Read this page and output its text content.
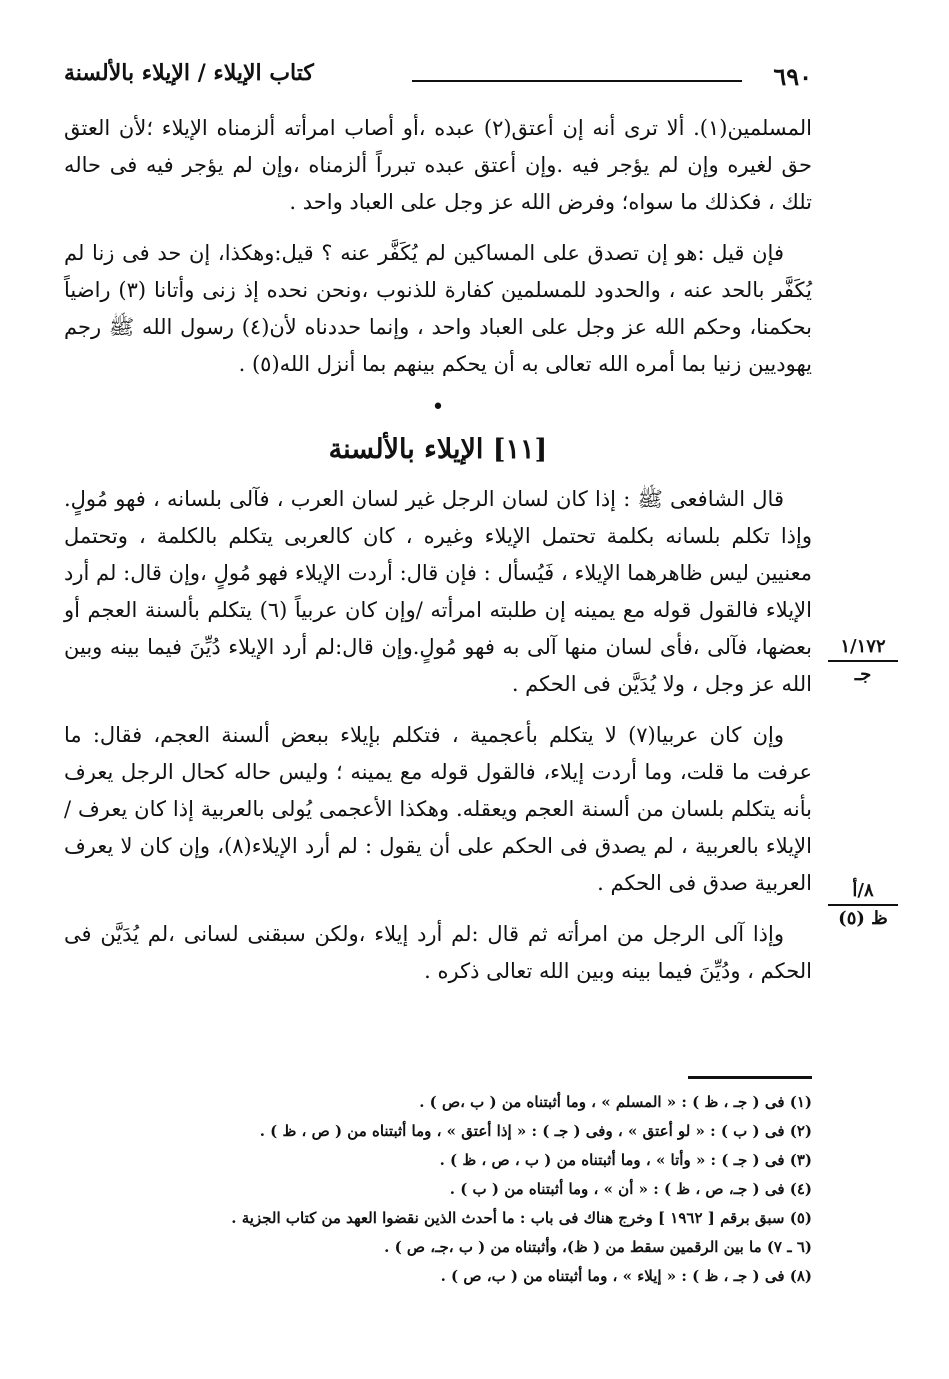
٦٩٠
كتاب الإيلاء / الإيلاء بالألسنة

المسلمين(١). ألا ترى أنه إن أعتق(٢) عبده ،أو أصاب امرأته ألزمناه الإيلاء ؛لأن العتق حق لغيره وإن لم يؤجر فيه .وإن أعتق عبده تبرراً ألزمناه ،وإن لم يؤجر فيه فى حاله تلك ، فكذلك ما سواه؛ وفرض الله عز وجل على العباد واحد .

فإن قيل :هو إن تصدق على المساكين لم يُكَفَّر عنه ؟ قيل:وهكذا، إن حد فى زنا لم يُكَفَّر بالحد عنه ، والحدود للمسلمين كفارة للذنوب ،ونحن نحده إذ زنى وأتانا (٣) راضياً بحكمنا، وحكم الله عز وجل على العباد واحد ، وإنما حددناه لأن(٤) رسول الله ﷺ رجم يهوديين زنيا بما أمره الله تعالى به أن يحكم بينهم بما أنزل الله(٥) .

•
[١١] الإيلاء بالألسنة

قال الشافعى ﷺ : إذا كان لسان الرجل غير لسان العرب ، فآلى بلسانه ، فهو مُولٍ. وإذا تكلم بلسانه بكلمة تحتمل الإيلاء وغيره ، كان كالعربى يتكلم بالكلمة ، وتحتمل معنيين ليس ظاهرهما الإيلاء ، فَيُسأل : فإن قال: أردت الإيلاء فهو مُولٍ ،وإن قال: لم أرد الإيلاء فالقول قوله مع يمينه إن طلبته امرأته /وإن كان عربياً (٦) يتكلم بألسنة العجم أو بعضها، فآلى ،فأى لسان منها آلى به فهو مُولٍ.وإن قال:لم أرد الإيلاء دُيِّنَ فيما بينه وبين الله عز وجل ، ولا يُدَيَّن فى الحكم .

وإن كان عربيا(٧) لا يتكلم بأعجمية ، فتكلم بإيلاء ببعض ألسنة العجم، فقال: ما عرفت ما قلت، وما أردت إيلاء، فالقول قوله مع يمينه ؛ وليس حاله كحال الرجل يعرف بأنه يتكلم بلسان من ألسنة العجم ويعقله. وهكذا الأعجمى يُولى بالعربية إذا كان يعرف / الإيلاء بالعربية ، لم يصدق فى الحكم على أن يقول : لم أرد الإيلاء(٨)، وإن كان لا يعرف العربية صدق فى الحكم .

وإذا آلى الرجل من امرأته ثم قال :لم أرد إيلاء ،ولكن سبقنى لسانى ،لم يُدَيَّن فى الحكم ، ودُيِّنَ فيما بينه وبين الله تعالى ذكره .

١/١٧٢
جـ
٨/أ
ظ (٥)
(١) فى ( جـ ، ظ ) : « المسلم » ، وما أثبتناه من ( ب ،ص ) .
(٢) فى ( ب ) : « لو أعتق » ، وفى ( جـ ) : « إذا أعتق » ، وما أثبتناه من ( ص ، ظ ) .
(٣) فى ( جـ ) : « وأتا » ، وما أثبتناه من ( ب ، ص ، ظ ) .
(٤) فى ( جـ، ص ، ظ ) : « أن » ، وما أثبتناه من ( ب ) .
(٥) سبق برقم [ ١٩٦٢ ] وخرج هناك فى باب : ما أحدث الذين نقضوا العهد من كتاب الجزية .
(٦ ـ ٧) ما بين الرقمين سقط من ( ظ)، وأثبتناه من ( ب ،جـ، ص ) .
(٨) فى ( جـ ، ظ ) : « إيلاء » ، وما أثبتناه من ( ب، ص ) .
